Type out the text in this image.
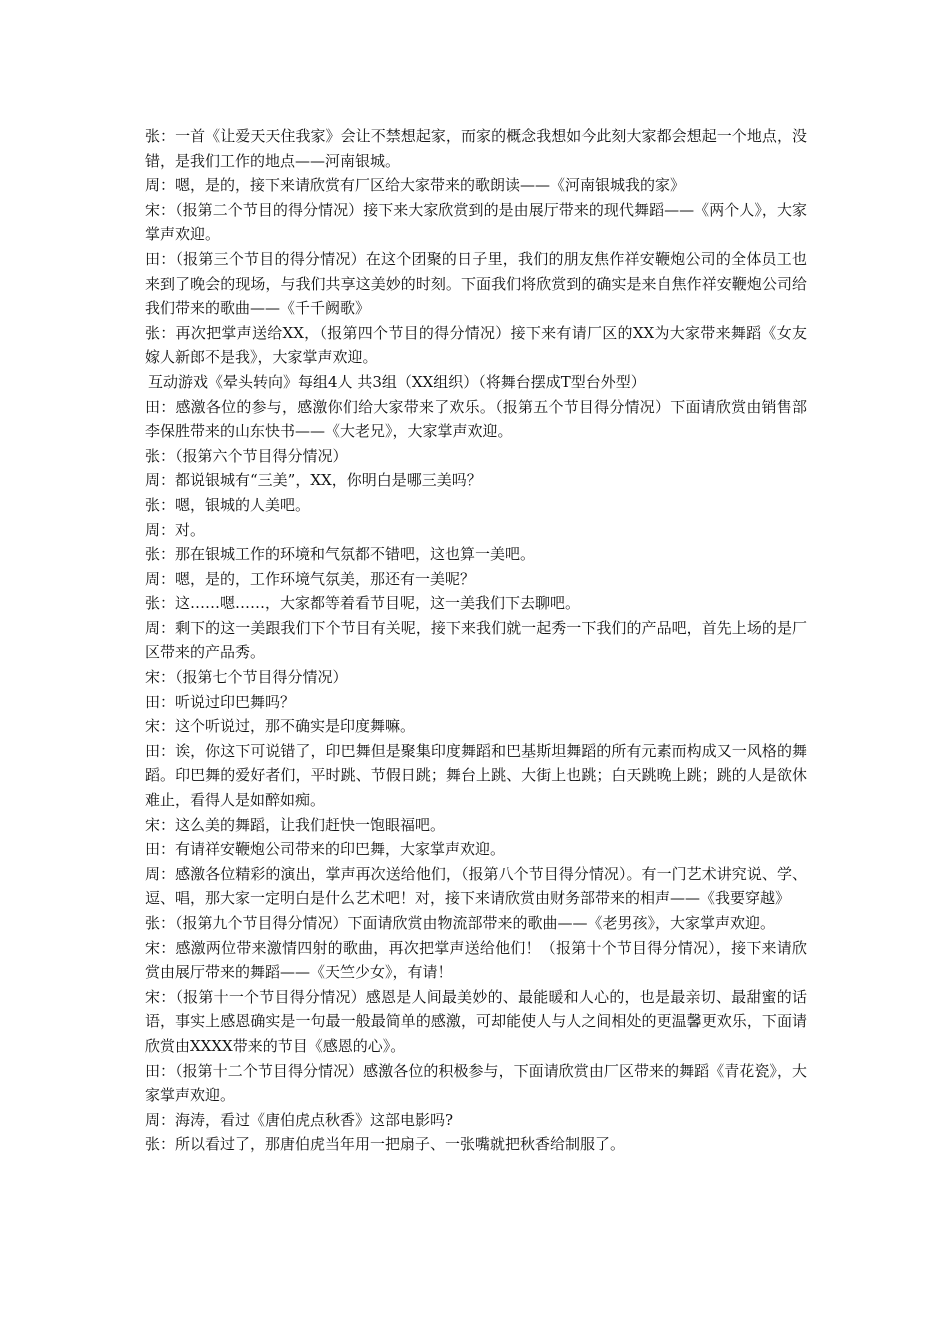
张：一首《让爱天天住我家》会让不禁想起家，而家的概念我想如今此刻大家都会想起一个地点，没错，是我们工作的地点——河南银城。

周：嗯，是的，接下来请欣赏有厂区给大家带来的歌朗读——《河南银城我的家》

宋：（报第二个节目的得分情况）接下来大家欣赏到的是由展厅带来的现代舞蹈——《两个人》，大家掌声欢迎。

田：（报第三个节目的得分情况）在这个团聚的日子里，我们的朋友焦作祥安鞭炮公司的全体员工也来到了晚会的现场，与我们共享这美妙的时刻。下面我们将欣赏到的确实是来自焦作祥安鞭炮公司给我们带来的歌曲——《千千阙歌》

张：再次把掌声送给XX，（报第四个节目的得分情况）接下来有请厂区的XX为大家带来舞蹈《女友嫁人新郎不是我》，大家掌声欢迎。

互动游戏《晕头转向》每组4人 共3组（XX组织）（将舞台摆成T型台外型）

田：感激各位的参与，感激你们给大家带来了欢乐。（报第五个节目得分情况）下面请欣赏由销售部李保胜带来的山东快书——《大老兄》，大家掌声欢迎。

张：（报第六个节目得分情况）

周：都说银城有“三美”，XX，你明白是哪三美吗？

张：嗯，银城的人美吧。

周：对。

张：那在银城工作的环境和气氛都不错吧，这也算一美吧。

周：嗯，是的，工作环境气氛美，那还有一美呢？

张：这……嗯……，大家都等着看节目呢，这一美我们下去聊吧。

周：剩下的这一美跟我们下个节目有关呢，接下来我们就一起秀一下我们的产品吧，首先上场的是厂区带来的产品秀。

宋：（报第七个节目得分情况）

田：听说过印巴舞吗？

宋：这个听说过，那不确实是印度舞嘛。

田：诶，你这下可说错了，印巴舞但是聚集印度舞蹈和巴基斯坦舞蹈的所有元素而构成又一风格的舞蹈。印巴舞的爱好者们，平时跳、节假日跳；舞台上跳、大街上也跳；白天跳晚上跳；跳的人是欲休难止，看得人是如醉如痴。

宋：这么美的舞蹈，让我们赶快一饱眼福吧。

田：有请祥安鞭炮公司带来的印巴舞，大家掌声欢迎。

周：感激各位精彩的演出，掌声再次送给他们，（报第八个节目得分情况）。有一门艺术讲究说、学、逗、唱，那大家一定明白是什么艺术吧！对，接下来请欣赏由财务部带来的相声——《我要穿越》

张：（报第九个节目得分情况）下面请欣赏由物流部带来的歌曲——《老男孩》，大家掌声欢迎。

宋：感激两位带来激情四射的歌曲，再次把掌声送给他们！（报第十个节目得分情况），接下来请欣赏由展厅带来的舞蹈——《天竺少女》，有请！

宋：（报第十一个节目得分情况）感恩是人间最美妙的、最能暖和人心的，也是最亲切、最甜蜜的话语，事实上感恩确实是一句最一般最简单的感激，可却能使人与人之间相处的更温馨更欢乐，下面请欣赏由XXXX带来的节目《感恩的心》。

田：（报第十二个节目得分情况）感激各位的积极参与，下面请欣赏由厂区带来的舞蹈《青花瓷》，大家掌声欢迎。

周：海涛，看过《唐伯虎点秋香》这部电影吗?

张：所以看过了，那唐伯虎当年用一把扇子、一张嘴就把秋香给制服了。
